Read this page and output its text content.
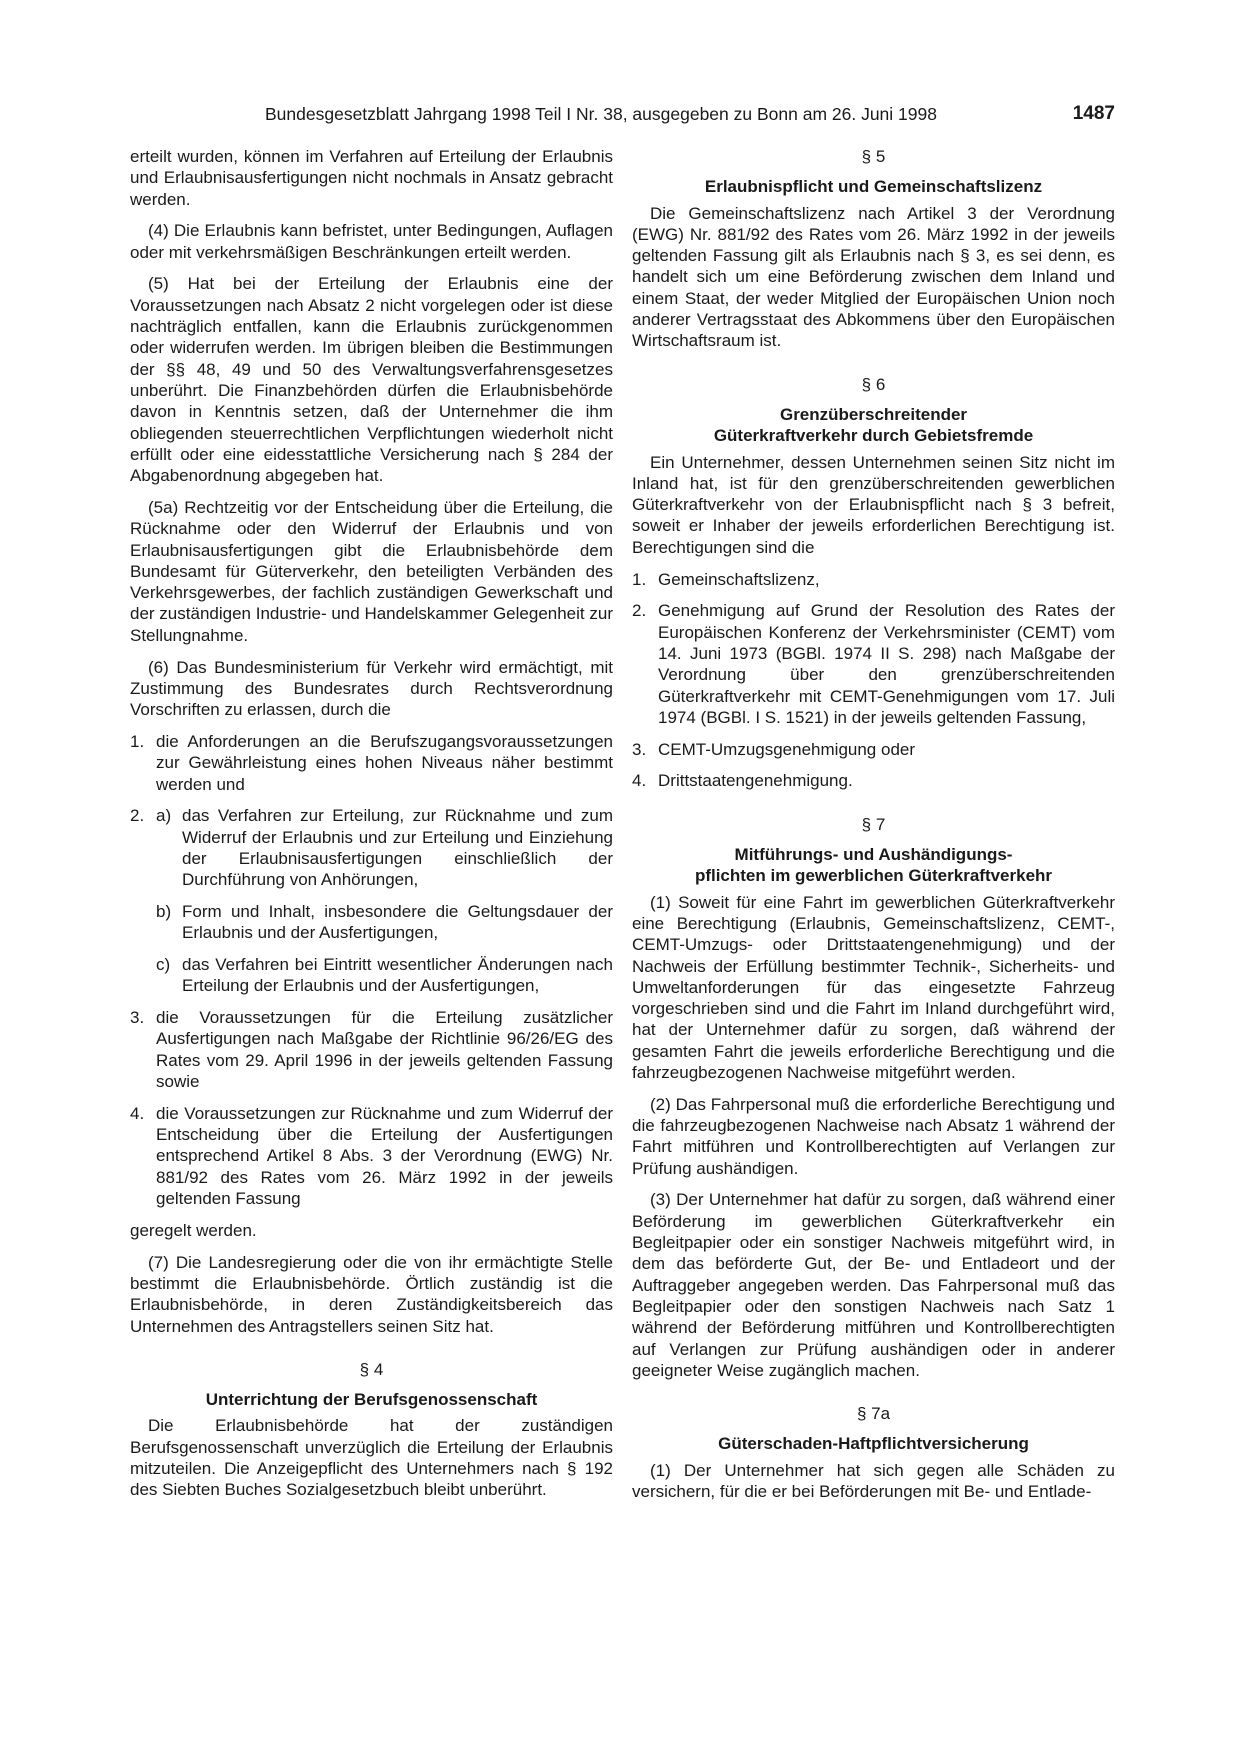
Bundesgesetzblatt Jahrgang 1998 Teil I Nr. 38, ausgegeben zu Bonn am 26. Juni 1998	1487

erteilt wurden, können im Verfahren auf Erteilung der Erlaubnis und Erlaubnisausfertigungen nicht nochmals in Ansatz gebracht werden.

(4) Die Erlaubnis kann befristet, unter Bedingungen, Auflagen oder mit verkehrsmäßigen Beschränkungen erteilt werden.

(5) Hat bei der Erteilung der Erlaubnis eine der Voraussetzungen nach Absatz 2 nicht vorgelegen oder ist diese nachträglich entfallen, kann die Erlaubnis zurückgenommen oder widerrufen werden. Im übrigen bleiben die Bestimmungen der §§ 48, 49 und 50 des Verwaltungsverfahrensgesetzes unberührt. Die Finanzbehörden dürfen die Erlaubnisbehörde davon in Kenntnis setzen, daß der Unternehmer die ihm obliegenden steuerrechtlichen Verpflichtungen wiederholt nicht erfüllt oder eine eidesstattliche Versicherung nach § 284 der Abgabenordnung abgegeben hat.

(5a) Rechtzeitig vor der Entscheidung über die Erteilung, die Rücknahme oder den Widerruf der Erlaubnis und von Erlaubnisausfertigungen gibt die Erlaubnisbehörde dem Bundesamt für Güterverkehr, den beteiligten Verbänden des Verkehrsgewerbes, der fachlich zuständigen Gewerkschaft und der zuständigen Industrie- und Handelskammer Gelegenheit zur Stellungnahme.

(6) Das Bundesministerium für Verkehr wird ermächtigt, mit Zustimmung des Bundesrates durch Rechtsverordnung Vorschriften zu erlassen, durch die

1. die Anforderungen an die Berufszugangsvoraussetzungen zur Gewährleistung eines hohen Niveaus näher bestimmt werden und
2. a) das Verfahren zur Erteilung, zur Rücknahme und zum Widerruf der Erlaubnis und zur Erteilung und Einziehung der Erlaubnisausfertigungen einschließlich der Durchführung von Anhörungen,
b) Form und Inhalt, insbesondere die Geltungsdauer der Erlaubnis und der Ausfertigungen,
c) das Verfahren bei Eintritt wesentlicher Änderungen nach Erteilung der Erlaubnis und der Ausfertigungen,
3. die Voraussetzungen für die Erteilung zusätzlicher Ausfertigungen nach Maßgabe der Richtlinie 96/26/EG des Rates vom 29. April 1996 in der jeweils geltenden Fassung sowie
4. die Voraussetzungen zur Rücknahme und zum Widerruf der Entscheidung über die Erteilung der Ausfertigungen entsprechend Artikel 8 Abs. 3 der Verordnung (EWG) Nr. 881/92 des Rates vom 26. März 1992 in der jeweils geltenden Fassung

geregelt werden.

(7) Die Landesregierung oder die von ihr ermächtigte Stelle bestimmt die Erlaubnisbehörde. Örtlich zuständig ist die Erlaubnisbehörde, in deren Zuständigkeitsbereich das Unternehmen des Antragstellers seinen Sitz hat.

§ 4
Unterrichtung der Berufsgenossenschaft

Die Erlaubnisbehörde hat der zuständigen Berufsgenossenschaft unverzüglich die Erteilung der Erlaubnis mitzuteilen. Die Anzeigepflicht des Unternehmers nach § 192 des Siebten Buches Sozialgesetzbuch bleibt unberührt.

§ 5
Erlaubnispflicht und Gemeinschaftslizenz

Die Gemeinschaftslizenz nach Artikel 3 der Verordnung (EWG) Nr. 881/92 des Rates vom 26. März 1992 in der jeweils geltenden Fassung gilt als Erlaubnis nach § 3, es sei denn, es handelt sich um eine Beförderung zwischen dem Inland und einem Staat, der weder Mitglied der Europäischen Union noch anderer Vertragsstaat des Abkommens über den Europäischen Wirtschaftsraum ist.

§ 6
Grenzüberschreitender
Güterkraftverkehr durch Gebietsfremde

Ein Unternehmer, dessen Unternehmen seinen Sitz nicht im Inland hat, ist für den grenzüberschreitenden gewerblichen Güterkraftverkehr von der Erlaubnispflicht nach § 3 befreit, soweit er Inhaber der jeweils erforderlichen Berechtigung ist. Berechtigungen sind die

1. Gemeinschaftslizenz,
2. Genehmigung auf Grund der Resolution des Rates der Europäischen Konferenz der Verkehrsminister (CEMT) vom 14. Juni 1973 (BGBl. 1974 II S. 298) nach Maßgabe der Verordnung über den grenzüberschreitenden Güterkraftverkehr mit CEMT-Genehmigungen vom 17. Juli 1974 (BGBl. I S. 1521) in der jeweils geltenden Fassung,
3. CEMT-Umzugsgenehmigung oder
4. Drittstaatengenehmigung.
§ 7
Mitführungs- und Aushändigungs-
pflichten im gewerblichen Güterkraftverkehr

(1) Soweit für eine Fahrt im gewerblichen Güterkraftverkehr eine Berechtigung (Erlaubnis, Gemeinschaftslizenz, CEMT-, CEMT-Umzugs- oder Drittstaatengenehmigung) und der Nachweis der Erfüllung bestimmter Technik-, Sicherheits- und Umweltanforderungen für das eingesetzte Fahrzeug vorgeschrieben sind und die Fahrt im Inland durchgeführt wird, hat der Unternehmer dafür zu sorgen, daß während der gesamten Fahrt die jeweils erforderliche Berechtigung und die fahrzeugbezogenen Nachweise mitgeführt werden.

(2) Das Fahrpersonal muß die erforderliche Berechtigung und die fahrzeugbezogenen Nachweise nach Absatz 1 während der Fahrt mitführen und Kontrollberechtigten auf Verlangen zur Prüfung aushändigen.

(3) Der Unternehmer hat dafür zu sorgen, daß während einer Beförderung im gewerblichen Güterkraftverkehr ein Begleitpapier oder ein sonstiger Nachweis mitgeführt wird, in dem das beförderte Gut, der Be- und Entladeort und der Auftraggeber angegeben werden. Das Fahrpersonal muß das Begleitpapier oder den sonstigen Nachweis nach Satz 1 während der Beförderung mitführen und Kontrollberechtigten auf Verlangen zur Prüfung aushändigen oder in anderer geeigneter Weise zugänglich machen.

§ 7a
Güterschaden-Haftpflichtversicherung

(1) Der Unternehmer hat sich gegen alle Schäden zu versichern, für die er bei Beförderungen mit Be- und Entlade-
